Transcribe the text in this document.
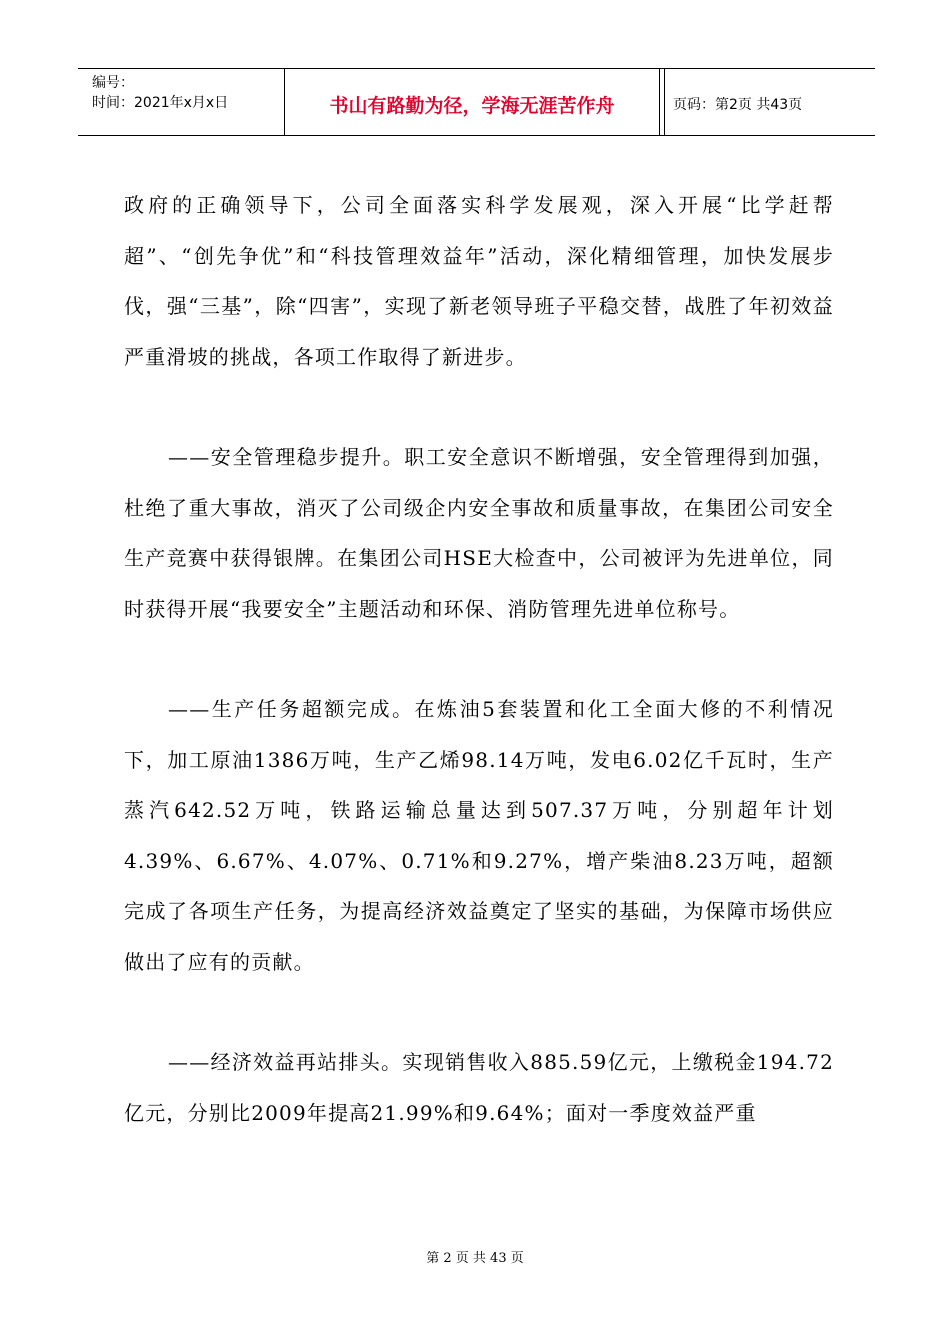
编号：
时间：2021年x月x日	书山有路勤为径，学海无涯苦作舟	页码：第2页 共43页

政府的正确领导下，公司全面落实科学发展观，深入开展“比学赶帮超”、“创先争优”和“科技管理效益年”活动，深化精细管理，加快发展步伐，强“三基”，除“四害”，实现了新老领导班子平稳交替，战胜了年初效益严重滑坡的挑战，各项工作取得了新进步。

——安全管理稳步提升。职工安全意识不断增强，安全管理得到加强，杜绝了重大事故，消灭了公司级企内安全事故和质量事故，在集团公司安全生产竞赛中获得银牌。在集团公司HSE大检查中，公司被评为先进单位，同时获得开展“我要安全”主题活动和环保、消防管理先进单位称号。

——生产任务超额完成。在炼油5套装置和化工全面大修的不利情况下，加工原油1386万吨，生产乙烯98.14万吨，发电6.02亿千瓦时，生产蒸汽642.52万吨，铁路运输总量达到507.37万吨，分别超年计划4.39%、6.67%、4.07%、0.71%和9.27%，增产柴油8.23万吨，超额完成了各项生产任务，为提高经济效益奠定了坚实的基础，为保障市场供应做出了应有的贡献。

——经济效益再站排头。实现销售收入885.59亿元，上缴税金194.72亿元，分别比2009年提高21.99%和9.64%；面对一季度效益严重

第 2 页 共 43 页
